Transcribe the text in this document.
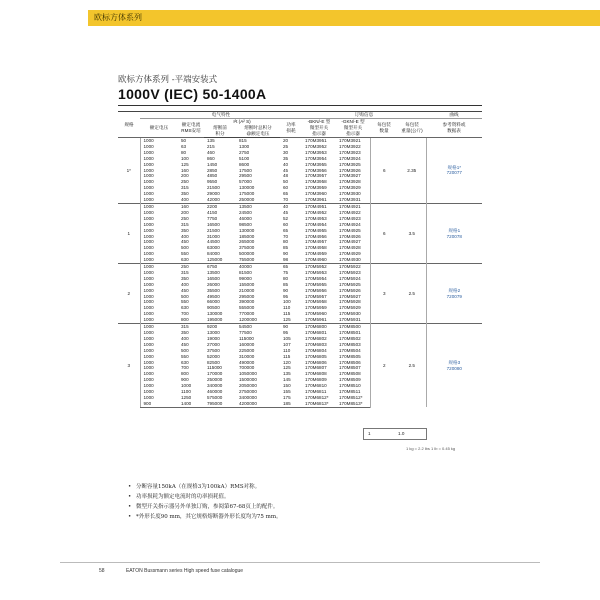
欧标方体系列
欧标方体系列 -平端安装式
1000V (IEC) 50-1400A
规格	电气特性					订购信息				曲线
	额定电压	额定电流
RMS安培	I²t (A² S)		功率
损耗	-BKN/-E 型
微型开关
指示器	-GKN/-E 型
微型开关
指示器	每包装
数量	每包装
重量(公斤)	参考资料或
数据表
			熔断前
积分	熔断时总积分
@额定电压						
1*	1000	50	135	815	20	170M3951	170M3921	6	2.35	规格1*
720077
	1000	63	215	1300	25	170M3952	170M3922			
	1000	80	460	2750	30	170M3953	170M3923			
	1000	100	860	5100	35	170M3954	170M3924			
	1000	125	1450	8600	40	170M3955	170M3925			
	1000	160	2850	17500	45	170M3956	170M3926			
	1000	200	4850	29500	48	170M3957	170M3927			
	1000	250	9550	57000	50	170M3958	170M3928			
	1000	315	21500	130000	60	170M3959	170M3929			
	1000	350	29000	175000	65	170M3960	170M3930			
	1000	400	42000	250000	70	170M3961	170M3931			
1	1000	160	2200	13500	40	170M4951	170M4921	6	3.5	规格1
720078
	1000	200	4150	24500	45	170M4952	170M4922			
	1000	250	7750	46000	52	170M4953	170M4923			
	1000	315	16500	98500	60	170M4954	170M4924			
	1000	350	21500	130000	65	170M4955	170M4925			
	1000	400	31000	185000	70	170M4956	170M4926			
	1000	450	44500	265000	80	170M4957	170M4927			
	1000	500	63000	375000	85	170M4958	170M4928			
	1000	550	84000	500000	90	170M4959	170M4929			
	1000	630	125000	755000	98	170M4960	170M4930			
2	1000	250	6750	40000	65	170M5952	170M5922	3	2.5	规格2
720079
	1000	315	13500	81500	75	170M5953	170M5923			
	1000	350	16500	99000	80	170M5954	170M5924			
	1000	400	26000	155000	85	170M5955	170M5925			
	1000	450	35500	210000	90	170M5956	170M5926			
	1000	500	49500	295000	95	170M5957	170M5927			
	1000	550	66000	390000	100	170M5958	170M5928			
	1000	630	90500	555000	110	170M5959	170M5929			
	1000	700	130000	770000	115	170M5960	170M5930			
	1000	800	195000	1200000	125	170M5961	170M5931			
3	1000	315	9200	54500	90	170M6800	170M8500	2	2.5	规格3
720080
	1000	350	13000	77500	95	170M6801	170M8501			
	1000	400	19000	115000	105	170M6802	170M8502			
	1000	450	27000	160000	107	170M6803	170M8503			
	1000	500	37500	225000	110	170M6804	170M8504			
	1000	550	52000	310000	115	170M6805	170M8505			
	1000	630	82500	490000	120	170M6806	170M8506			
	1000	700	115000	700000	125	170M6807	170M8507			
	1000	800	170000	1050000	135	170M6808	170M8508			
	1000	900	250000	1500000	145	170M6809	170M8509			
	1000	1000	340000	2050000	150	170M6810	170M8510			
	1000	1100	460000	2750000	155	170M6811	170M8511			
	1000	1250	575000	3400000	175	170M6812*	170M8512*			
	900	1400	795000	4200000	185	170M6813*	170M8513*			
1	1.0
1 kg = 2.2 lbs 1 lb = 0.45 kg
• 分断容量150kA（在规格3为100kA）RMS对称。
• 功率损耗为额定电流时的功率损耗值。
• 微型开关指示器另外单独订购，参阅第67-68页上的配件。
• *外形长度90 mm，其它规格熔断器外形长度均为75 mm。
58	EATON Bussmann series High speed fuse catalogue
